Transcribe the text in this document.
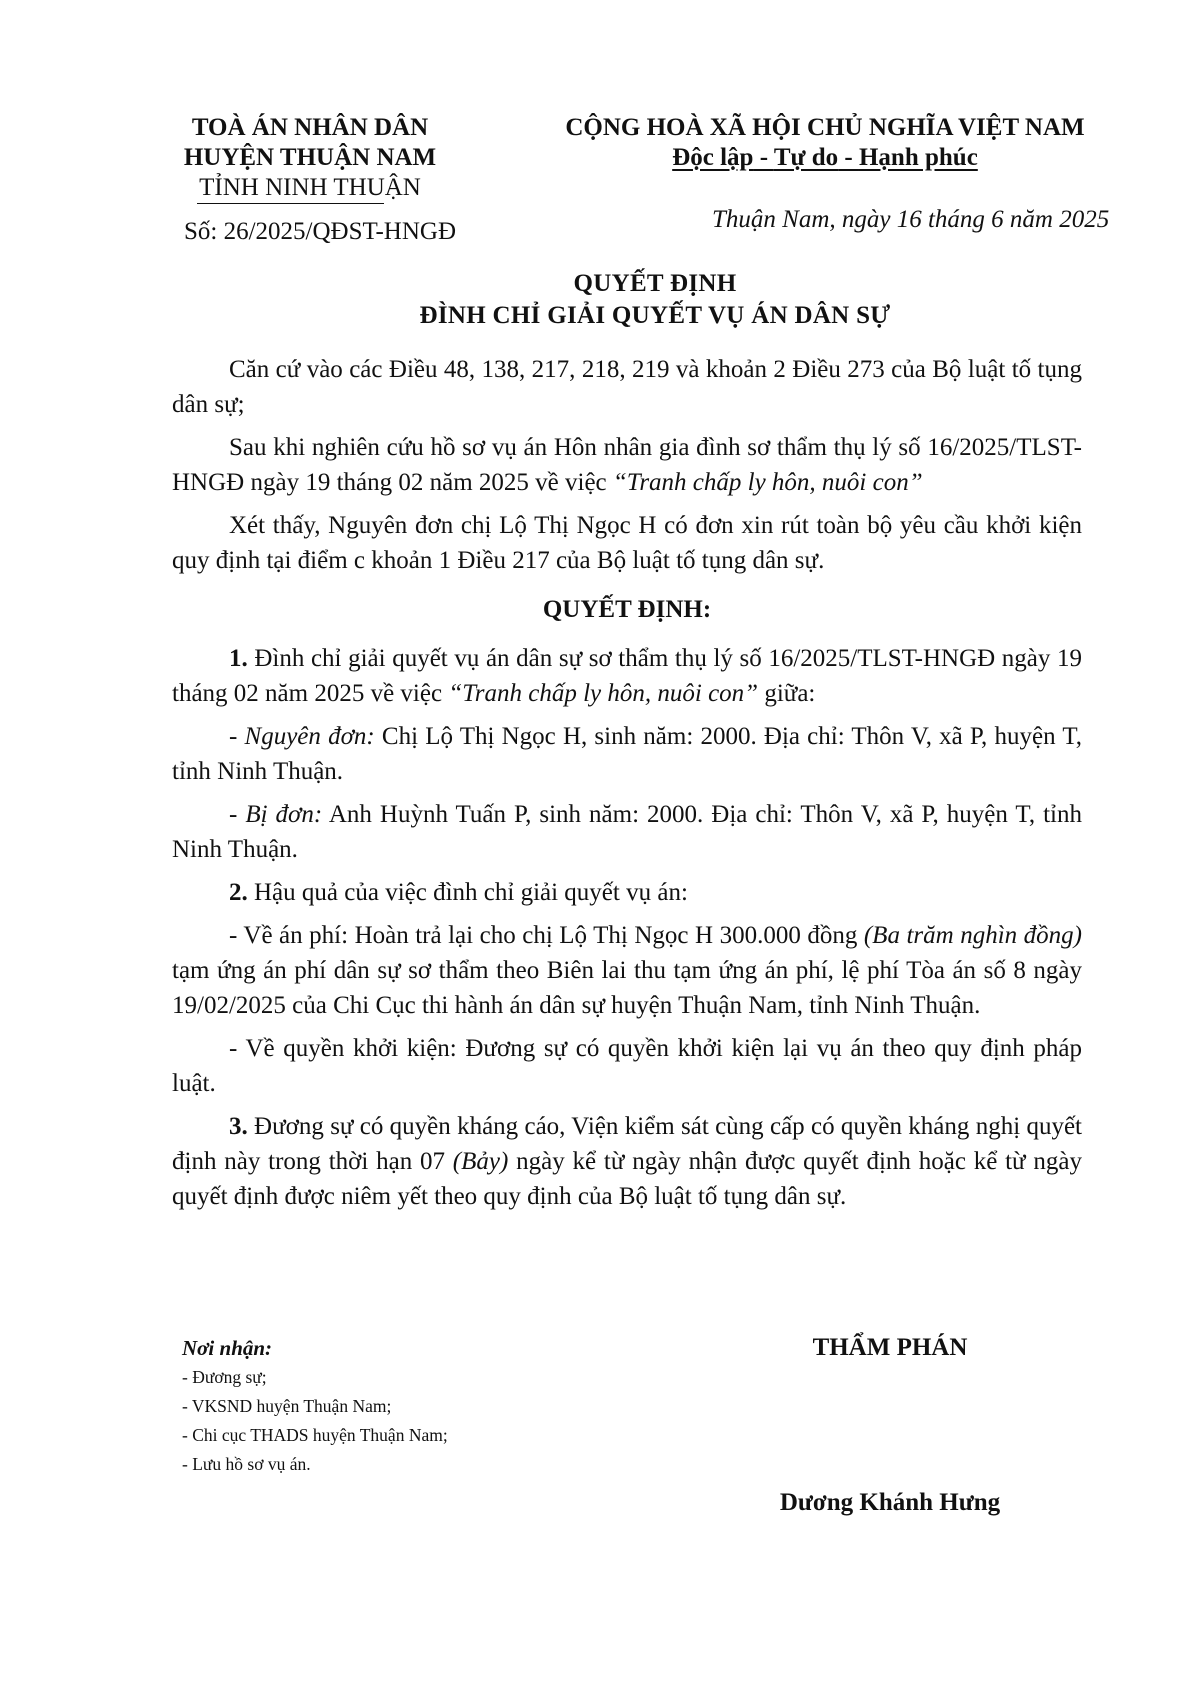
TOÀ ÁN NHÂN DÂN
HUYỆN THUẬN NAM
TỈNH NINH THUẬN
Số: 26/2025/QĐST-HNGĐ
CỘNG HOÀ XÃ HỘI CHỦ NGHĨA VIỆT NAM
Độc lập - Tự do - Hạnh phúc
Thuận Nam, ngày 16 tháng 6 năm 2025
QUYẾT ĐỊNH
ĐÌNH CHỈ GIẢI QUYẾT VỤ ÁN DÂN SỰ

Căn cứ vào các Điều 48, 138, 217, 218, 219 và khoản 2 Điều 273 của Bộ luật tố tụng dân sự;

Sau khi nghiên cứu hồ sơ vụ án Hôn nhân gia đình sơ thẩm thụ lý số 16/2025/TLST-HNGĐ ngày 19 tháng 02 năm 2025 về việc “Tranh chấp ly hôn, nuôi con”

Xét thấy, Nguyên đơn chị Lộ Thị Ngọc H có đơn xin rút toàn bộ yêu cầu khởi kiện quy định tại điểm c khoản 1 Điều 217 của Bộ luật tố tụng dân sự.

QUYẾT ĐỊNH:

1. Đình chỉ giải quyết vụ án dân sự sơ thẩm thụ lý số 16/2025/TLST-HNGĐ ngày 19 tháng 02 năm 2025 về việc “Tranh chấp ly hôn, nuôi con” giữa:

- Nguyên đơn: Chị Lộ Thị Ngọc H, sinh năm: 2000. Địa chỉ: Thôn V, xã P, huyện T, tỉnh Ninh Thuận.

- Bị đơn: Anh Huỳnh Tuấn P, sinh năm: 2000. Địa chỉ: Thôn V, xã P, huyện T, tỉnh Ninh Thuận.

2. Hậu quả của việc đình chỉ giải quyết vụ án:

- Về án phí: Hoàn trả lại cho chị Lộ Thị Ngọc H 300.000 đồng (Ba trăm nghìn đồng) tạm ứng án phí dân sự sơ thẩm theo Biên lai thu tạm ứng án phí, lệ phí Tòa án số 8 ngày 19/02/2025 của Chi Cục thi hành án dân sự huyện Thuận Nam, tỉnh Ninh Thuận.

- Về quyền khởi kiện: Đương sự có quyền khởi kiện lại vụ án theo quy định pháp luật.

3. Đương sự có quyền kháng cáo, Viện kiểm sát cùng cấp có quyền kháng nghị quyết định này trong thời hạn 07 (Bảy) ngày kể từ ngày nhận được quyết định hoặc kể từ ngày quyết định được niêm yết theo quy định của Bộ luật tố tụng dân sự.

Nơi nhận:
- Đương sự;
- VKSND huyện Thuận Nam;
- Chi cục THADS huyện Thuận Nam;
- Lưu hồ sơ vụ án.
THẨM PHÁN
Dương Khánh Hưng
